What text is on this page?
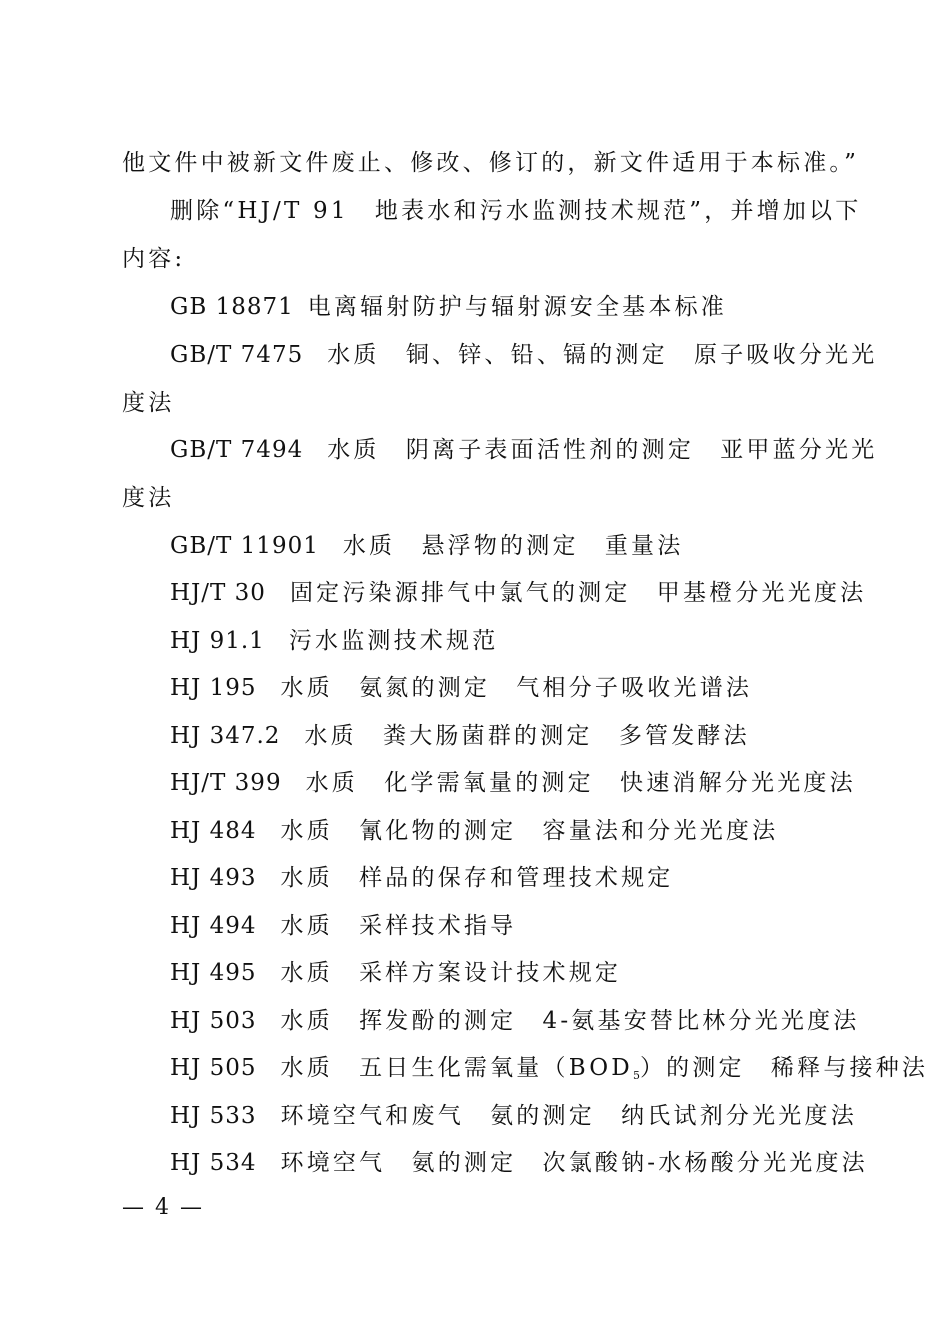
他文件中被新文件废止、修改、修订的，新文件适用于本标准。”
删除“HJ/T 91　地表水和污水监测技术规范”，并增加以下
内容:
GB 18871 电离辐射防护与辐射源安全基本标准
GB/T 7475 水质　铜、锌、铅、镉的测定　原子吸收分光光
度法
GB/T 7494 水质　阴离子表面活性剂的测定　亚甲蓝分光光
度法
GB/T 11901 水质　悬浮物的测定　重量法
HJ/T 30 固定污染源排气中氯气的测定　甲基橙分光光度法
HJ 91.1 污水监测技术规范
HJ 195 水质　氨氮的测定　气相分子吸收光谱法
HJ 347.2 水质　粪大肠菌群的测定　多管发酵法
HJ/T 399 水质　化学需氧量的测定　快速消解分光光度法
HJ 484 水质　氰化物的测定　容量法和分光光度法
HJ 493 水质　样品的保存和管理技术规定
HJ 494 水质　采样技术指导
HJ 495 水质　采样方案设计技术规定
HJ 503 水质　挥发酚的测定　4-氨基安替比林分光光度法
HJ 505 水质　五日生化需氧量$(BOD_5)$的测定　稀释与接种法
HJ 533 环境空气和废气　氨的测定　纳氏试剂分光光度法
HJ 534 环境空气　氨的测定　次氯酸钠-水杨酸分光光度法
— 4 —
